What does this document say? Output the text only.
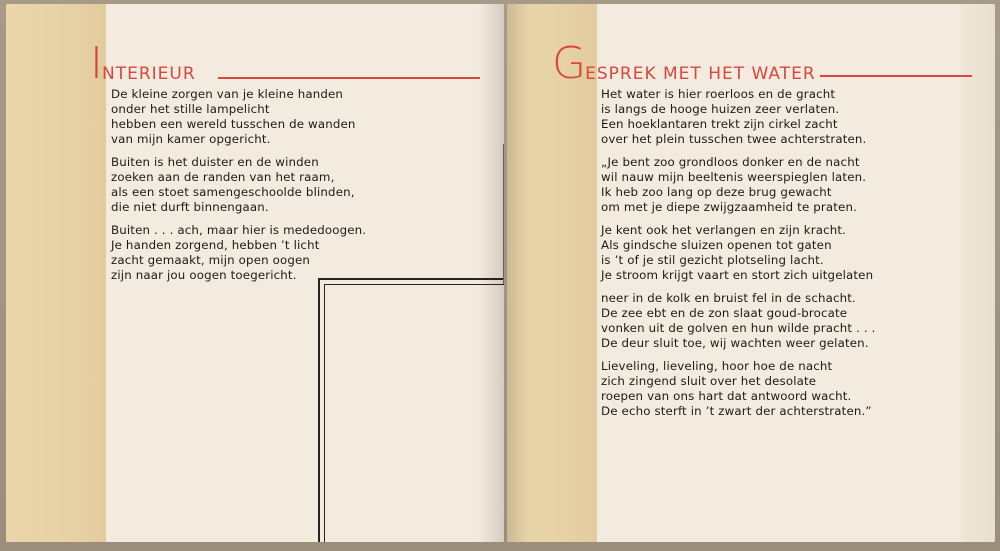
INTERIEUR
De kleine zorgen van je kleine handen
onder het stille lampelicht
hebben een wereld tusschen de wanden
van mijn kamer opgericht.
Buiten is het duister en de winden
zoeken aan de randen van het raam,
als een stoet samengeschoolde blinden,
die niet durft binnengaan.
Buiten . . . ach, maar hier is mededoogen.
Je handen zorgend, hebben ’t licht
zacht gemaakt, mijn open oogen
zijn naar jou oogen toegericht.
GESPREK MET HET WATER
Het water is hier roerloos en de gracht
is langs de hooge huizen zeer verlaten.
Een hoeklantaren trekt zijn cirkel zacht
over het plein tusschen twee achterstraten.
„Je bent zoo grondloos donker en de nacht
wil nauw mijn beeltenis weerspieglen laten.
Ik heb zoo lang op deze brug gewacht
om met je diepe zwijgzaamheid te praten.
Je kent ook het verlangen en zijn kracht.
Als gindsche sluizen openen tot gaten
is ’t of je stil gezicht plotseling lacht.
Je stroom krijgt vaart en stort zich uitgelaten
neer in de kolk en bruist fel in de schacht.
De zee ebt en de zon slaat goud-brocate
vonken uit de golven en hun wilde pracht . . .
De deur sluit toe, wij wachten weer gelaten.
Lieveling, lieveling, hoor hoe de nacht
zich zingend sluit over het desolate
roepen van ons hart dat antwoord wacht.
De echo sterft in ’t zwart der achterstraten.”
